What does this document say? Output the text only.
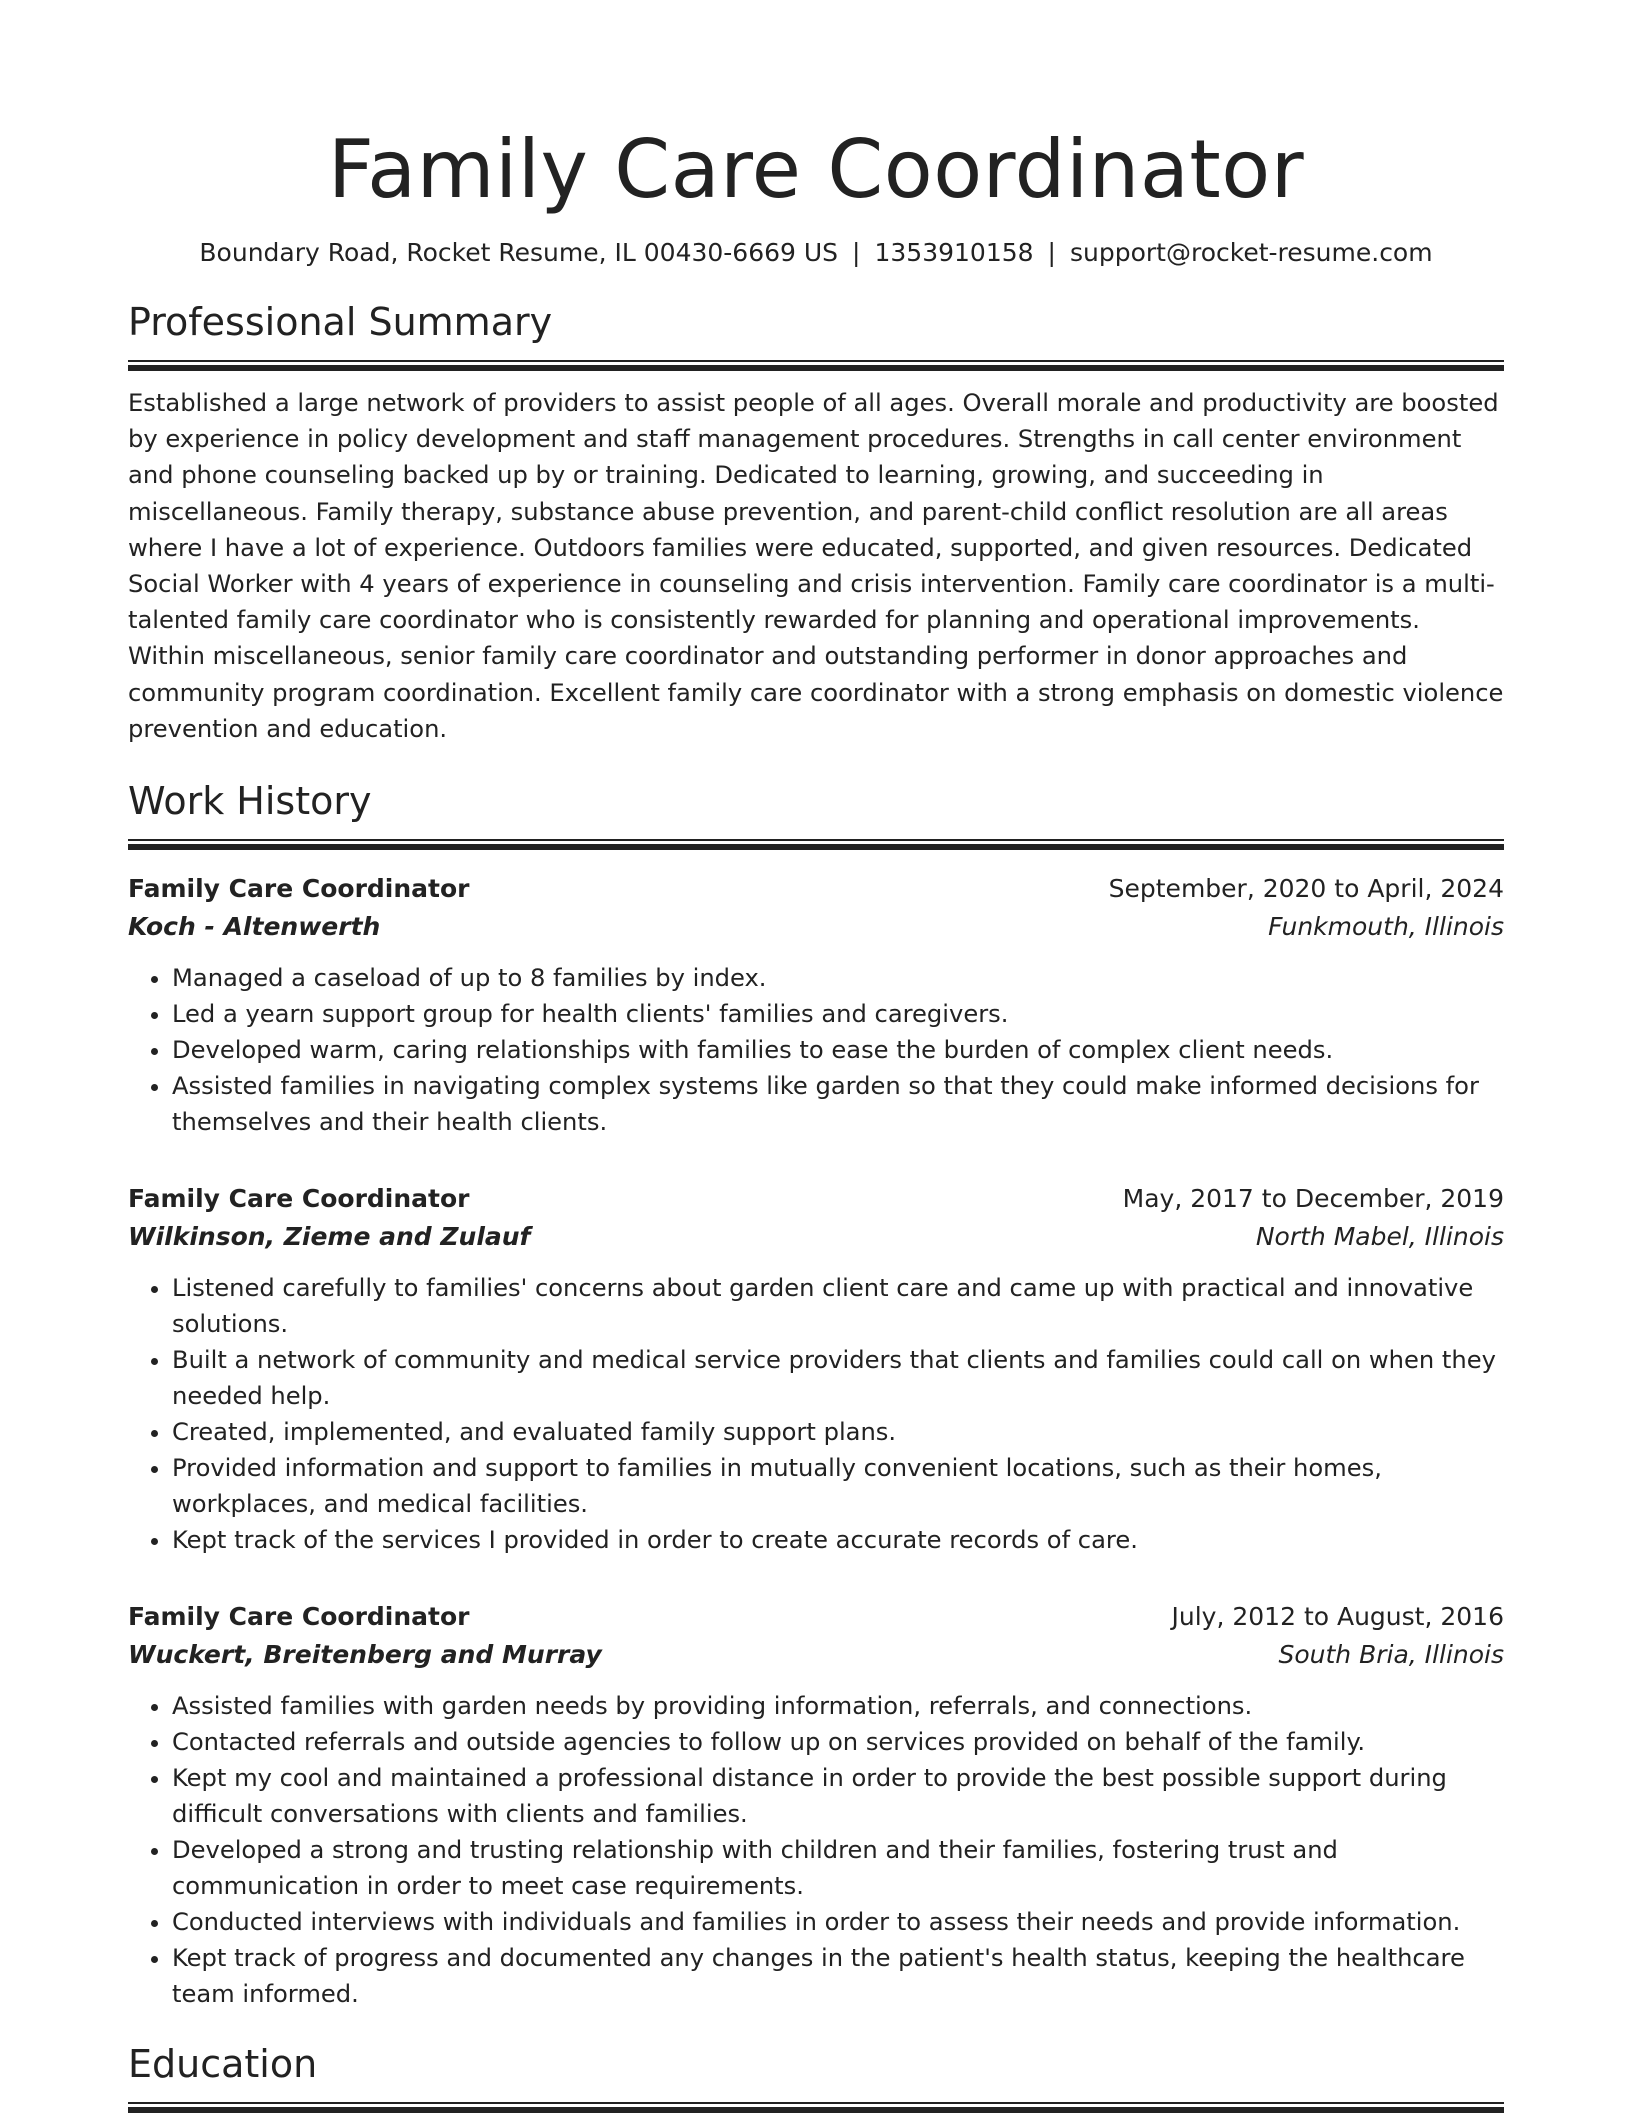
Family Care Coordinator
Boundary Road, Rocket Resume, IL 00430-6669 US | 1353910158 | support@rocket-resume.com
Professional Summary

Established a large network of providers to assist people of all ages. Overall morale and productivity are boosted by experience in policy development and staff management procedures. Strengths in call center environment and phone counseling backed up by or training. Dedicated to learning, growing, and succeeding in miscellaneous. Family therapy, substance abuse prevention, and parent-child conflict resolution are all areas where I have a lot of experience. Outdoors families were educated, supported, and given resources. Dedicated Social Worker with 4 years of experience in counseling and crisis intervention. Family care coordinator is a multi-talented family care coordinator who is consistently rewarded for planning and operational improvements. Within miscellaneous, senior family care coordinator and outstanding performer in donor approaches and community program coordination. Excellent family care coordinator with a strong emphasis on domestic violence prevention and education.

Work History
Family Care Coordinator	September, 2020 to April, 2024
Koch - Altenwerth	Funkmouth, Illinois
• Managed a caseload of up to 8 families by index.
• Led a yearn support group for health clients' families and caregivers.
• Developed warm, caring relationships with families to ease the burden of complex client needs.
• Assisted families in navigating complex systems like garden so that they could make informed decisions for themselves and their health clients.
Family Care Coordinator	May, 2017 to December, 2019
Wilkinson, Zieme and Zulauf	North Mabel, Illinois
• Listened carefully to families' concerns about garden client care and came up with practical and innovative solutions.
• Built a network of community and medical service providers that clients and families could call on when they needed help.
• Created, implemented, and evaluated family support plans.
• Provided information and support to families in mutually convenient locations, such as their homes, workplaces, and medical facilities.
• Kept track of the services I provided in order to create accurate records of care.
Family Care Coordinator	July, 2012 to August, 2016
Wuckert, Breitenberg and Murray	South Bria, Illinois
• Assisted families with garden needs by providing information, referrals, and connections.
• Contacted referrals and outside agencies to follow up on services provided on behalf of the family.
• Kept my cool and maintained a professional distance in order to provide the best possible support during difficult conversations with clients and families.
• Developed a strong and trusting relationship with children and their families, fostering trust and communication in order to meet case requirements.
• Conducted interviews with individuals and families in order to assess their needs and provide information.
• Kept track of progress and documented any changes in the patient's health status, keeping the healthcare team informed.
Education
